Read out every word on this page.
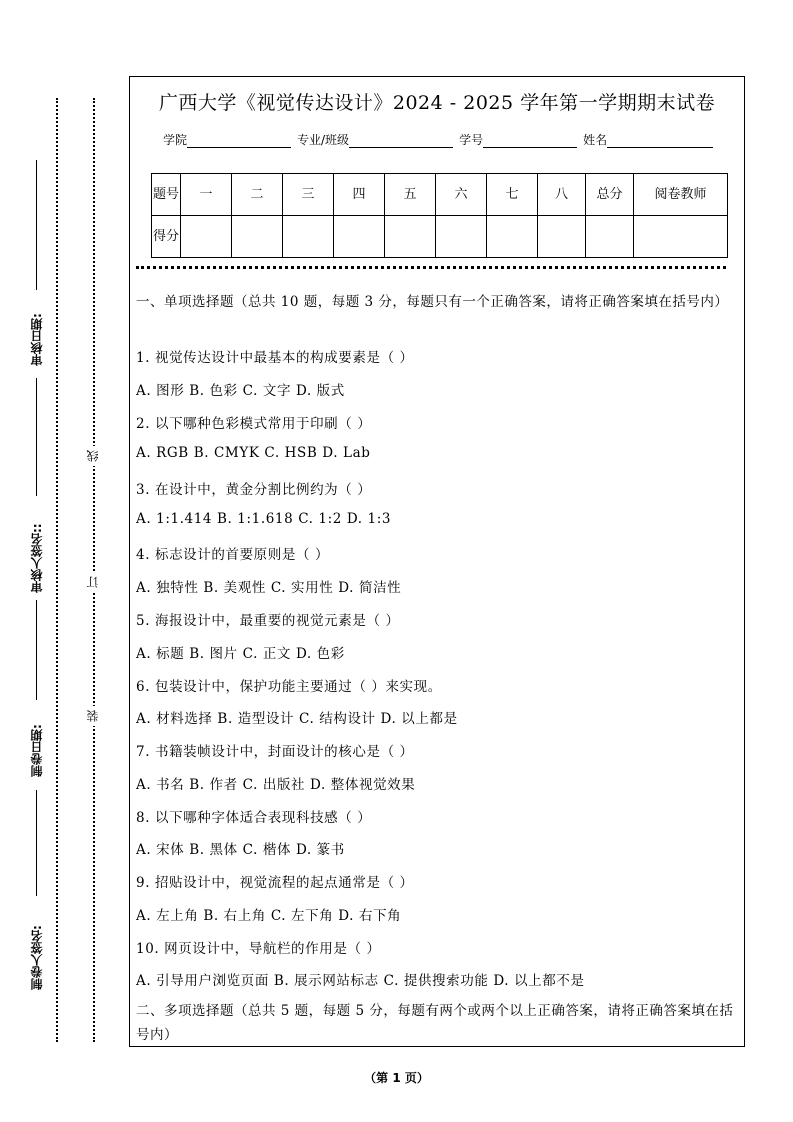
审核日期:
审核人签名::
制卷日期:
制卷人签名:
线
订
装
广西大学《视觉传达设计》2024 - 2025 学年第一学期期末试卷
学院	专业/班级	学号	姓名
题号	一	二	三	四	五	六	七	八	总分	阅卷教师
得分										
一、单项选择题（总共 10 题，每题 3 分，每题只有一个正确答案，请将正确答案填在括号内）
1. 视觉传达设计中最基本的构成要素是（ ）
A. 图形 B. 色彩 C. 文字 D. 版式
2. 以下哪种色彩模式常用于印刷（ ）
A. RGB B. CMYK C. HSB D. Lab
3. 在设计中，黄金分割比例约为（ ）
A. 1:1.414 B. 1:1.618 C. 1:2 D. 1:3
4. 标志设计的首要原则是（ ）
A. 独特性 B. 美观性 C. 实用性 D. 简洁性
5. 海报设计中，最重要的视觉元素是（ ）
A. 标题 B. 图片 C. 正文 D. 色彩
6. 包装设计中，保护功能主要通过（ ）来实现。
A. 材料选择 B. 造型设计 C. 结构设计 D. 以上都是
7. 书籍装帧设计中，封面设计的核心是（ ）
A. 书名 B. 作者 C. 出版社 D. 整体视觉效果
8. 以下哪种字体适合表现科技感（ ）
A. 宋体 B. 黑体 C. 楷体 D. 篆书
9. 招贴设计中，视觉流程的起点通常是（ ）
A. 左上角 B. 右上角 C. 左下角 D. 右下角
10. 网页设计中，导航栏的作用是（ ）
A. 引导用户浏览页面 B. 展示网站标志 C. 提供搜索功能 D. 以上都不是
二、多项选择题（总共 5 题，每题 5 分，每题有两个或两个以上正确答案，请将正确答案填在括号内）
（第 1 页）
